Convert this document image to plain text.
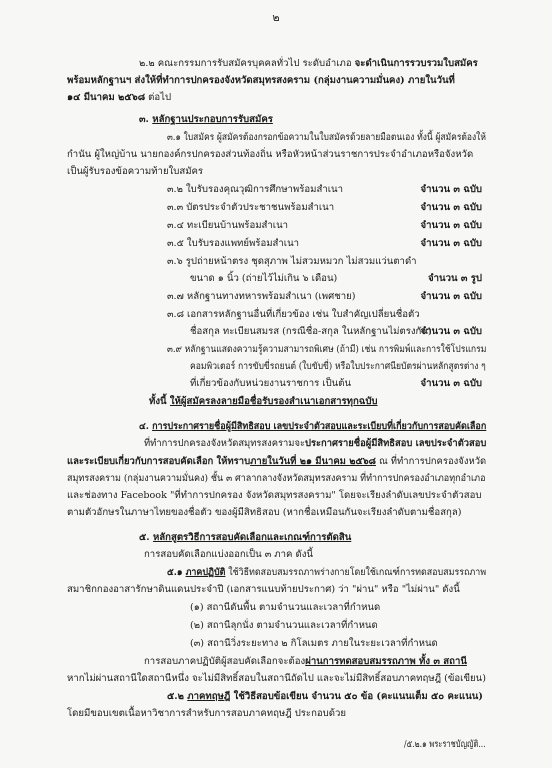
๒
๒.๒ คณะกรรมการรับสมัครบุคคลทั่วไป ระดับอำเภอ จะดำเนินการรวบรวมใบสมัคร
พร้อมหลักฐานฯ ส่งให้ที่ทำการปกครองจังหวัดสมุทรสงคราม (กลุ่มงานความมั่นคง) ภายในวันที่
๑๔ มีนาคม ๒๕๖๘ ต่อไป
๓. หลักฐานประกอบการรับสมัคร
๓.๑ ใบสมัคร ผู้สมัครต้องกรอกข้อความในใบสมัครด้วยลายมือตนเอง ทั้งนี้ ผู้สมัครต้องให้
กำนัน ผู้ใหญ่บ้าน นายกองค์กรปกครองส่วนท้องถิ่น หรือหัวหน้าส่วนราชการประจำอำเภอหรือจังหวัด
เป็นผู้รับรองข้อความท้ายใบสมัคร
๓.๒ ใบรับรองคุณวุฒิการศึกษาพร้อมสำเนา	จำนวน ๓ ฉบับ
๓.๓ บัตรประจำตัวประชาชนพร้อมสำเนา	จำนวน ๓ ฉบับ
๓.๔ ทะเบียนบ้านพร้อมสำเนา	จำนวน ๓ ฉบับ
๓.๕ ใบรับรองแพทย์พร้อมสำเนา	จำนวน ๓ ฉบับ
๓.๖ รูปถ่ายหน้าตรง ชุดสุภาพ ไม่สวมหมวก ไม่สวมแว่นตาดำ
ขนาด ๑ นิ้ว (ถ่ายไว้ไม่เกิน ๖ เดือน)	จำนวน ๓ รูป
๓.๗ หลักฐานทางทหารพร้อมสำเนา (เพศชาย)	จำนวน ๓ ฉบับ
๓.๘ เอกสารหลักฐานอื่นที่เกี่ยวข้อง เช่น ใบสำคัญเปลี่ยนชื่อตัว
ชื่อสกุล ทะเบียนสมรส (กรณีชื่อ-สกุล ในหลักฐานไม่ตรงกัน)
จำนวน ๓ ฉบับ
๓.๙ หลักฐานแสดงความรู้ความสามารถพิเศษ (ถ้ามี) เช่น การพิมพ์และการใช้โปรแกรม
คอมพิวเตอร์ การขับขี่รถยนต์ (ใบขับขี่) หรือใบประกาศนียบัตรผ่านหลักสูตรต่าง ๆ
ที่เกี่ยวข้องกับหน่วยงานราชการ เป็นต้น	จำนวน ๓ ฉบับ
ทั้งนี้ ให้ผู้สมัครลงลายมือชื่อรับรองสำเนาเอกสารทุกฉบับ
๔. การประกาศรายชื่อผู้มีสิทธิสอบ เลขประจำตัวสอบและระเบียบที่เกี่ยวกับการสอบคัดเลือก
ที่ทำการปกครองจังหวัดสมุทรสงครามจะประกาศรายชื่อผู้มีสิทธิสอบ เลขประจำตัวสอบ
และระเบียบเกี่ยวกับการสอบคัดเลือก ให้ทราบภายในวันที่ ๒๑ มีนาคม ๒๕๖๘ ณ ที่ทำการปกครองจังหวัด
สมุทรสงคราม (กลุ่มงานความมั่นคง) ชั้น ๓ ศาลากลางจังหวัดสมุทรสงคราม ที่ทำการปกครองอำเภอทุกอำเภอ
และช่องทาง Facebook "ที่ทำการปกครอง จังหวัดสมุทรสงคราม" โดยจะเรียงลำดับเลขประจำตัวสอบ
ตามตัวอักษรในภาษาไทยของชื่อตัว ของผู้มีสิทธิสอบ (หากชื่อเหมือนกันจะเรียงลำดับตามชื่อสกุล)
๕. หลักสูตรวิธีการสอบคัดเลือกและเกณฑ์การตัดสิน
การสอบคัดเลือกแบ่งออกเป็น ๓ ภาค ดังนี้
๕.๑ ภาคปฏิบัติ ใช้วิธีทดสอบสมรรถภาพร่างกายโดยใช้เกณฑ์การทดสอบสมรรถภาพ
สมาชิกกองอาสารักษาดินแดนประจำปี (เอกสารแนบท้ายประกาศ) ว่า "ผ่าน" หรือ "ไม่ผ่าน" ดังนี้
(๑) สถานีดันพื้น ตามจำนวนและเวลาที่กำหนด
(๒) สถานีลุกนั่ง ตามจำนวนและเวลาที่กำหนด
(๓) สถานีวิ่งระยะทาง ๒ กิโลเมตร ภายในระยะเวลาที่กำหนด
การสอบภาคปฏิบัติผู้สอบคัดเลือกจะต้องผ่านการทดสอบสมรรถภาพ ทั้ง ๓ สถานี
หากไม่ผ่านสถานีใดสถานีหนึ่ง จะไม่มีสิทธิ์สอบในสถานีถัดไป และจะไม่มีสิทธิ์สอบภาคทฤษฎี (ข้อเขียน)
๕.๒ ภาคทฤษฎี ใช้วิธีสอบข้อเขียน จำนวน ๕๐ ข้อ (คะแนนเต็ม ๕๐ คะแนน)
โดยมีขอบเขตเนื้อหาวิชาการสำหรับการสอบภาคทฤษฎี ประกอบด้วย
/๕.๒.๑ พระราชบัญญัติ...
